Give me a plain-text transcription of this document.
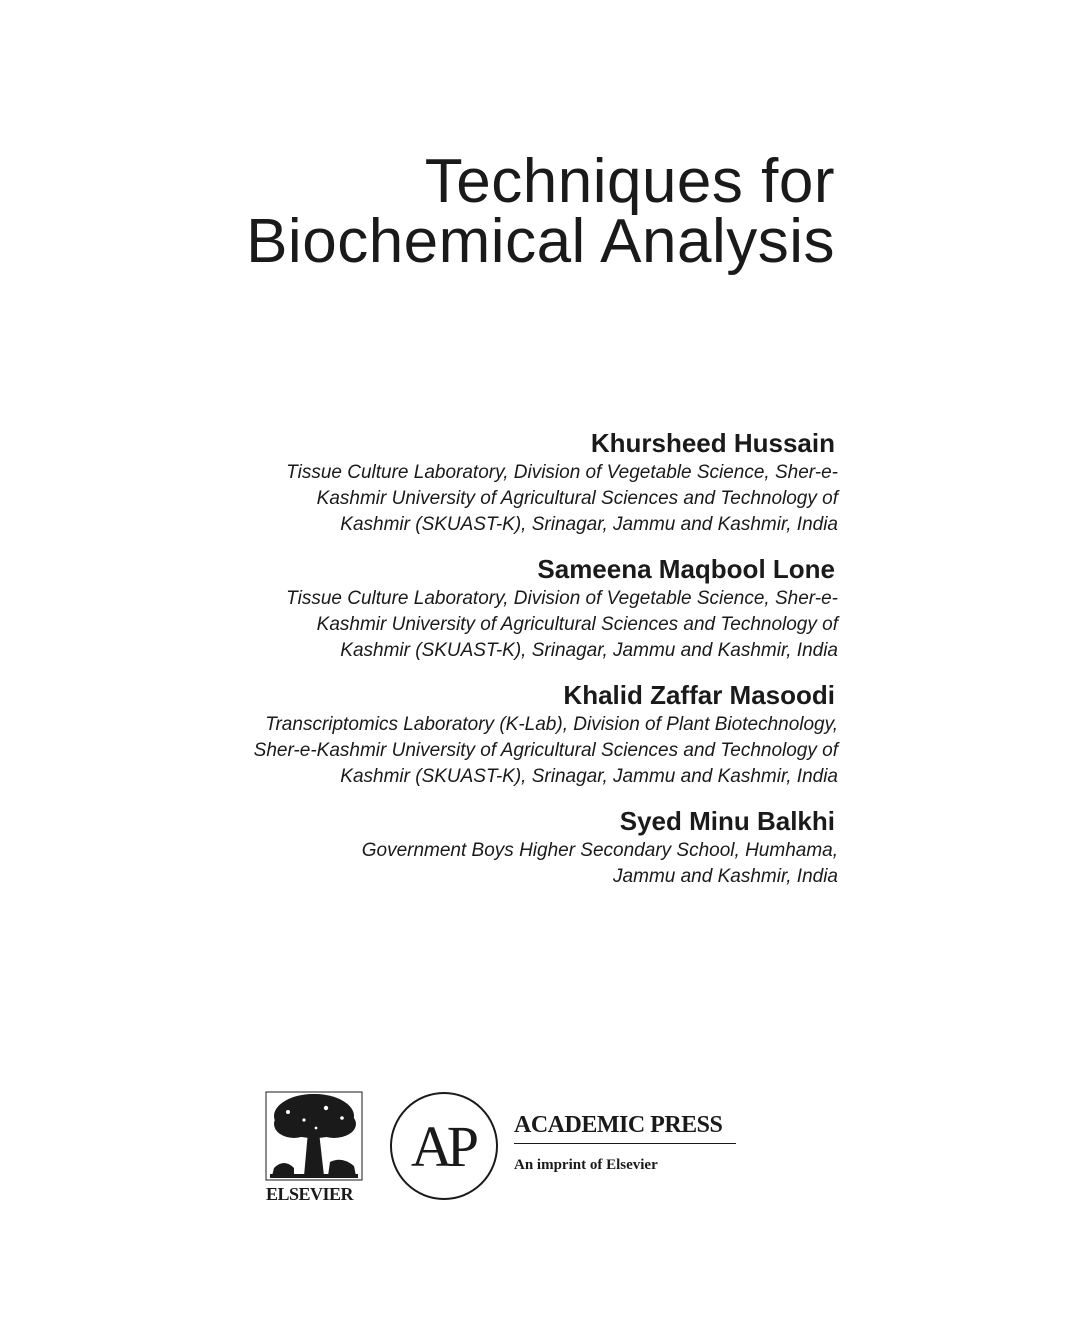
Techniques for
Biochemical Analysis
Khursheed Hussain
Tissue Culture Laboratory, Division of Vegetable Science, Sher-e-
Kashmir University of Agricultural Sciences and Technology of
Kashmir (SKUAST-K), Srinagar, Jammu and Kashmir, India
Sameena Maqbool Lone
Tissue Culture Laboratory, Division of Vegetable Science, Sher-e-
Kashmir University of Agricultural Sciences and Technology of
Kashmir (SKUAST-K), Srinagar, Jammu and Kashmir, India
Khalid Zaffar Masoodi
Transcriptomics Laboratory (K-Lab), Division of Plant Biotechnology,
Sher-e-Kashmir University of Agricultural Sciences and Technology of
Kashmir (SKUAST-K), Srinagar, Jammu and Kashmir, India
Syed Minu Balkhi
Government Boys Higher Secondary School, Humhama,
Jammu and Kashmir, India
ELSEVIER
AP ACADEMIC PRESS
An imprint of Elsevier
